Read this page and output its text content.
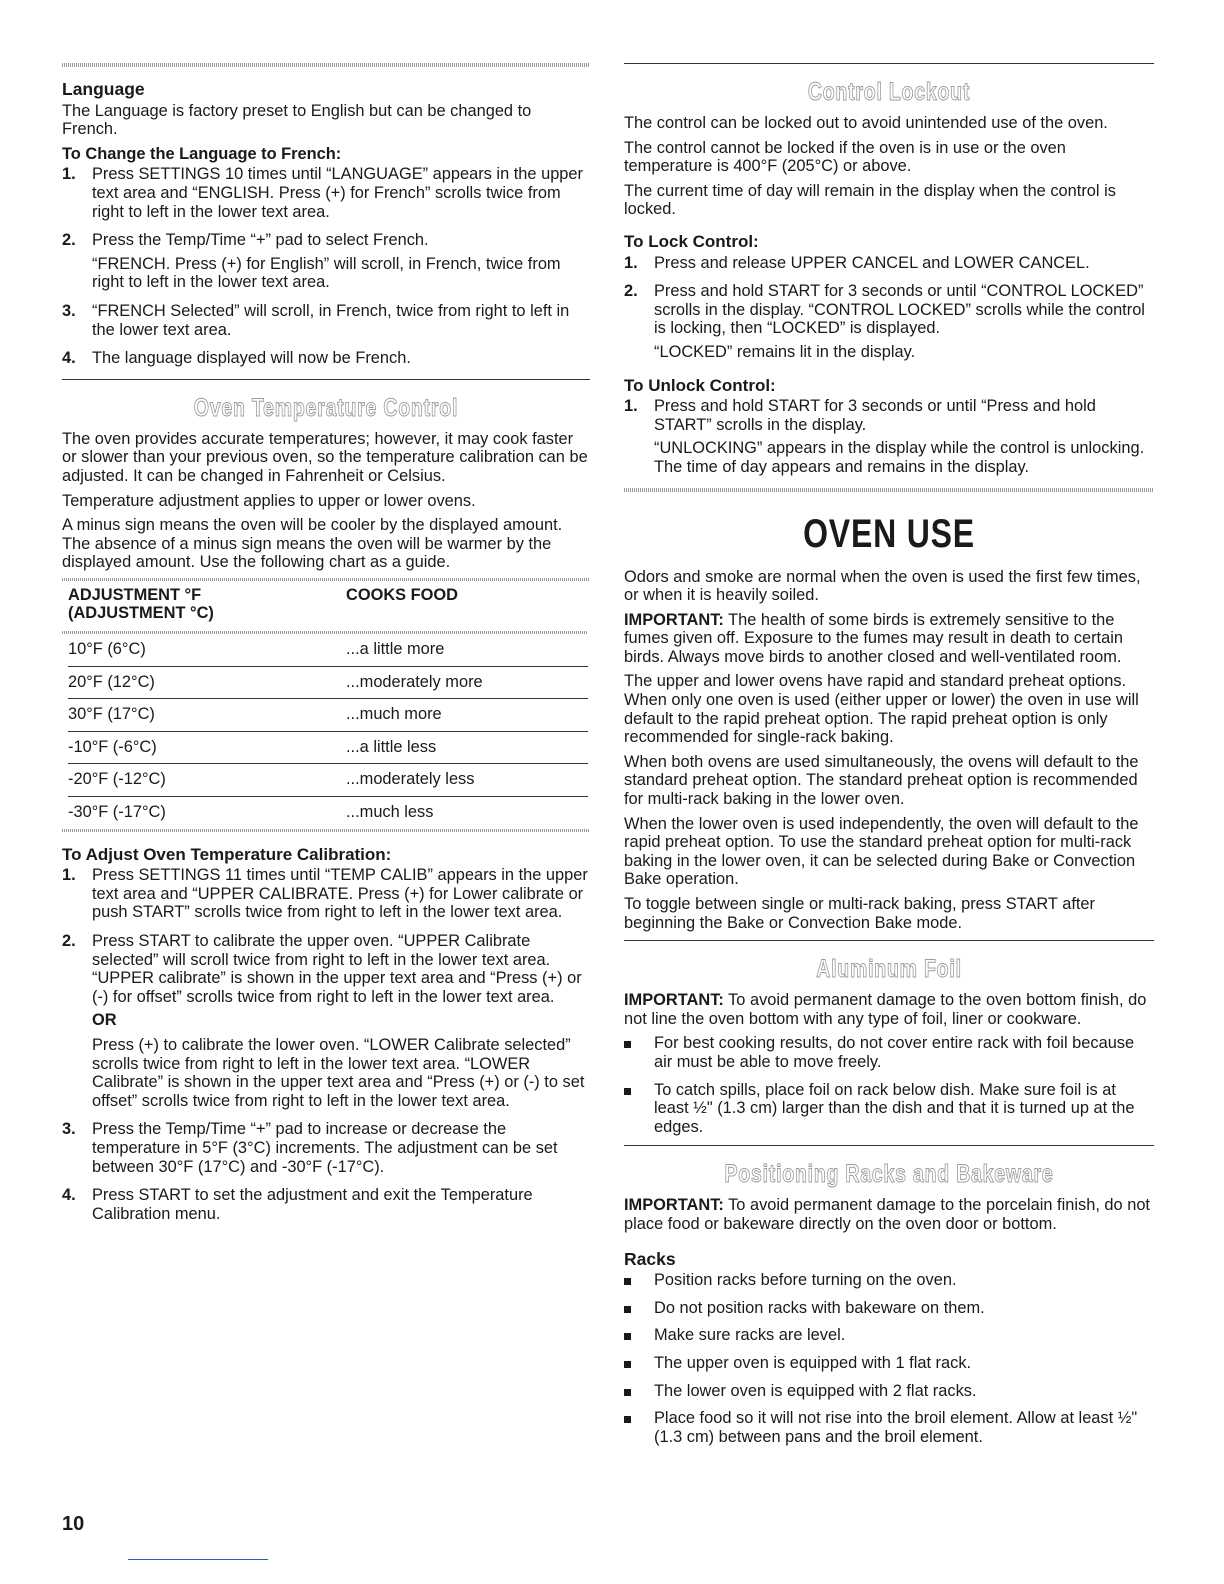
Language

The Language is factory preset to English but can be changed to French.

To Change the Language to French:
1. Press SETTINGS 10 times until “LANGUAGE” appears in the upper text area and “ENGLISH. Press (+) for French” scrolls twice from right to left in the lower text area.

2. Press the Temp/Time “+” pad to select French.

“FRENCH. Press (+) for English” will scroll, in French, twice from right to left in the lower text area.

3. “FRENCH Selected” will scroll, in French, twice from right to left in the lower text area.

4. The language displayed will now be French.

Oven Temperature Control

The oven provides accurate temperatures; however, it may cook faster or slower than your previous oven, so the temperature calibration can be adjusted. It can be changed in Fahrenheit or Celsius.

Temperature adjustment applies to upper or lower ovens.

A minus sign means the oven will be cooler by the displayed amount. The absence of a minus sign means the oven will be warmer by the displayed amount. Use the following chart as a guide.

ADJUSTMENT °F
(ADJUSTMENT °C)	COOKS FOOD

10°F (6°C)	...a little more
20°F (12°C)	...moderately more
30°F (17°C)	...much more
-10°F (-6°C)	...a little less
-20°F (-12°C)	...moderately less
-30°F (-17°C)	...much less
To Adjust Oven Temperature Calibration:
1. Press SETTINGS 11 times until “TEMP CALIB” appears in the upper text area and “UPPER CALIBRATE. Press (+) for Lower calibrate or push START” scrolls twice from right to left in the lower text area.

2. Press START to calibrate the upper oven. “UPPER Calibrate selected” will scroll twice from right to left in the lower text area. “UPPER calibrate” is shown in the upper text area and “Press (+) or (-) for offset” scrolls twice from right to left in the lower text area.

OR

Press (+) to calibrate the lower oven. “LOWER Calibrate selected” scrolls twice from right to left in the lower text area. “LOWER Calibrate” is shown in the upper text area and “Press (+) or (-) to set offset” scrolls twice from right to left in the lower text area.

3. Press the Temp/Time “+” pad to increase or decrease the temperature in 5°F (3°C) increments. The adjustment can be set between 30°F (17°C) and -30°F (-17°C).

4. Press START to set the adjustment and exit the Temperature Calibration menu.

Control Lockout

The control can be locked out to avoid unintended use of the oven.

The control cannot be locked if the oven is in use or the oven temperature is 400°F (205°C) or above.

The current time of day will remain in the display when the control is locked.

To Lock Control:
1. Press and release UPPER CANCEL and LOWER CANCEL.

2. Press and hold START for 3 seconds or until “CONTROL LOCKED” scrolls in the display. “CONTROL LOCKED” scrolls while the control is locking, then “LOCKED” is displayed.

“LOCKED” remains lit in the display.

To Unlock Control:
1. Press and hold START for 3 seconds or until “Press and hold START” scrolls in the display.

“UNLOCKING” appears in the display while the control is unlocking. The time of day appears and remains in the display.

OVEN USE

Odors and smoke are normal when the oven is used the first few times, or when it is heavily soiled.

IMPORTANT: The health of some birds is extremely sensitive to the fumes given off. Exposure to the fumes may result in death to certain birds. Always move birds to another closed and well-ventilated room.

The upper and lower ovens have rapid and standard preheat options. When only one oven is used (either upper or lower) the oven in use will default to the rapid preheat option. The rapid preheat option is only recommended for single-rack baking.

When both ovens are used simultaneously, the ovens will default to the standard preheat option. The standard preheat option is recommended for multi-rack baking in the lower oven.

When the lower oven is used independently, the oven will default to the rapid preheat option. To use the standard preheat option for multi-rack baking in the lower oven, it can be selected during Bake or Convection Bake operation.

To toggle between single or multi-rack baking, press START after beginning the Bake or Convection Bake mode.

Aluminum Foil

IMPORTANT: To avoid permanent damage to the oven bottom finish, do not line the oven bottom with any type of foil, liner or cookware.

For best cooking results, do not cover entire rack with foil because air must be able to move freely.
To catch spills, place foil on rack below dish. Make sure foil is at least ½" (1.3 cm) larger than the dish and that it is turned up at the edges.
Positioning Racks and Bakeware

IMPORTANT: To avoid permanent damage to the porcelain finish, do not place food or bakeware directly on the oven door or bottom.

Racks
Position racks before turning on the oven.
Do not position racks with bakeware on them.
Make sure racks are level.
The upper oven is equipped with 1 flat rack.
The lower oven is equipped with 2 flat racks.
Place food so it will not rise into the broil element. Allow at least ½" (1.3 cm) between pans and the broil element.
10
